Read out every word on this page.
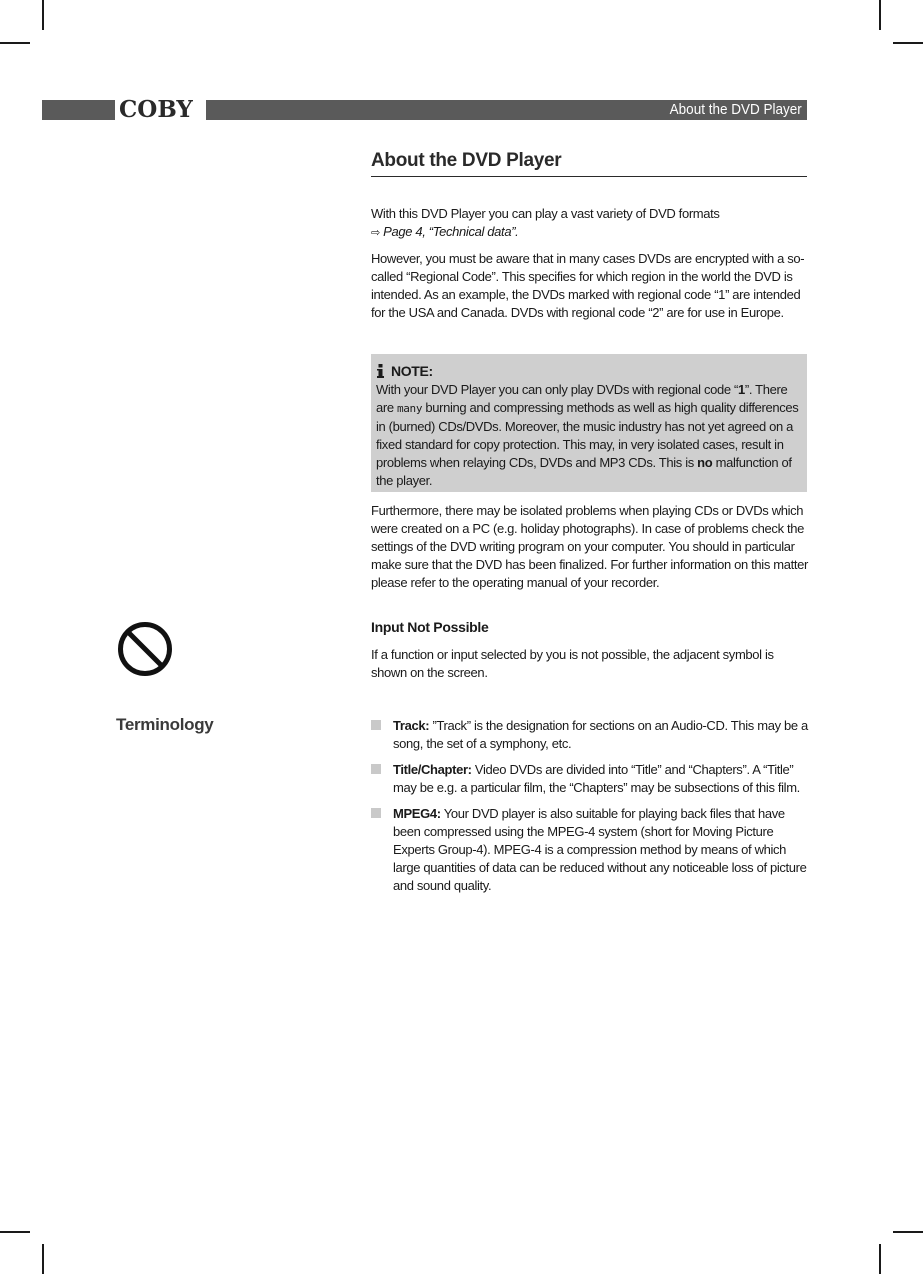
COBY	About the DVD Player
About the DVD Player
With this DVD Player you can play a vast variety of DVD formats
⇨ Page 4, “Technical data”.
However, you must be aware that in many cases DVDs are encrypted with a so-called “Regional Code”. This specifies for which region in the world the DVD is intended. As an example, the DVDs marked with regional code “1” are intended for the USA and Canada. DVDs with regional code “2” are for use in Europe.
NOTE:
With your DVD Player you can only play DVDs with regional code “1”. There are many burning and compressing methods as well as high quality differences in (burned) CDs/DVDs. Moreover, the music industry has not yet agreed on a fixed standard for copy protection. This may, in very isolated cases, result in problems when relaying CDs, DVDs and MP3 CDs. This is no malfunction of the player.
Furthermore, there may be isolated problems when playing CDs or DVDs which were created on a PC (e.g. holiday photographs). In case of problems check the settings of the DVD writing program on your computer. You should in particular make sure that the DVD has been finalized. For further information on this matter please refer to the operating manual of your recorder.
Input Not Possible
If a function or input selected by you is not possible, the adjacent symbol is shown on the screen.
Terminology	Track: ”Track” is the designation for sections on an Audio-CD. This may be a song, the set of a symphony, etc.
Title/Chapter: Video DVDs are divided into “Title” and “Chapters”. A “Title” may be e.g. a particular film, the “Chapters” may be subsections of this film.
MPEG4: Your DVD player is also suitable for playing back files that have been compressed using the MPEG-4 system (short for Moving Picture Experts Group-4). MPEG-4 is a compression method by means of which large quantities of data can be reduced without any noticeable loss of picture and sound quality.
